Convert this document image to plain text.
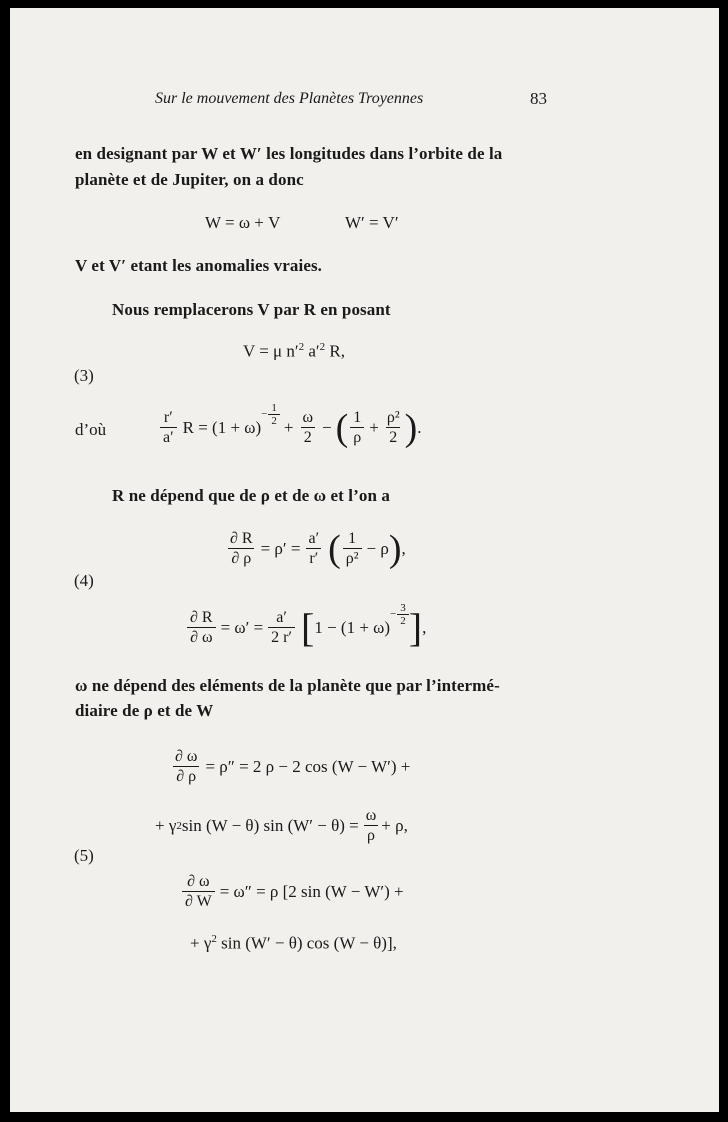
Sur le mouvement des Planètes Troyennes	83
en designant par W et W′ les longitudes dans l’orbite de la
planète et de Jupiter, on a donc
W = ω + V	W′ = V′
V et V′ etant les anomalies vraies.
Nous remplacerons V par R en posant
V = μ $n'^2$ $a'^2$ R,
(3)
d’où	$\frac{r'}{a'}$ R = (1 + ω)
− $\frac{1}{2}$
+ $\frac{\omega}{2}$ − ( $\frac{1}{\rho} + \frac{\text{ρ²}}{2}$ ) .
R ne dépend que de ρ et de ω et l’on a
$\frac{\partial R}{\partial \rho} = \rho' = \frac{a'}{r'}$ ( $\frac{1}{\text{ρ²}} - \rho$ ) ,
(4)
$\frac{\partial R}{\partial \omega} = \omega' = \frac{a'}{2 r'}$ [ 1 − (1 + ω)
− $\frac{3}{2}$ ] ,
ω ne dépend des eléments de la planète que par l’intermé-
diaire de ρ et de W
$\frac{\partial \omega}{\partial \rho} = \rho'' = 2$ ρ − 2 cos (W − W′) +
+ γ 2 sin (W − θ) $\sin (W' - \theta) = \frac{\omega}{\rho} + \rho$,
(5)
$\frac{\partial \omega}{\partial W} = \omega'' = \rho$ [2 sin (W − W′) +
+ $\gamma^2$ sin (W′ − θ) cos (W − θ)],
